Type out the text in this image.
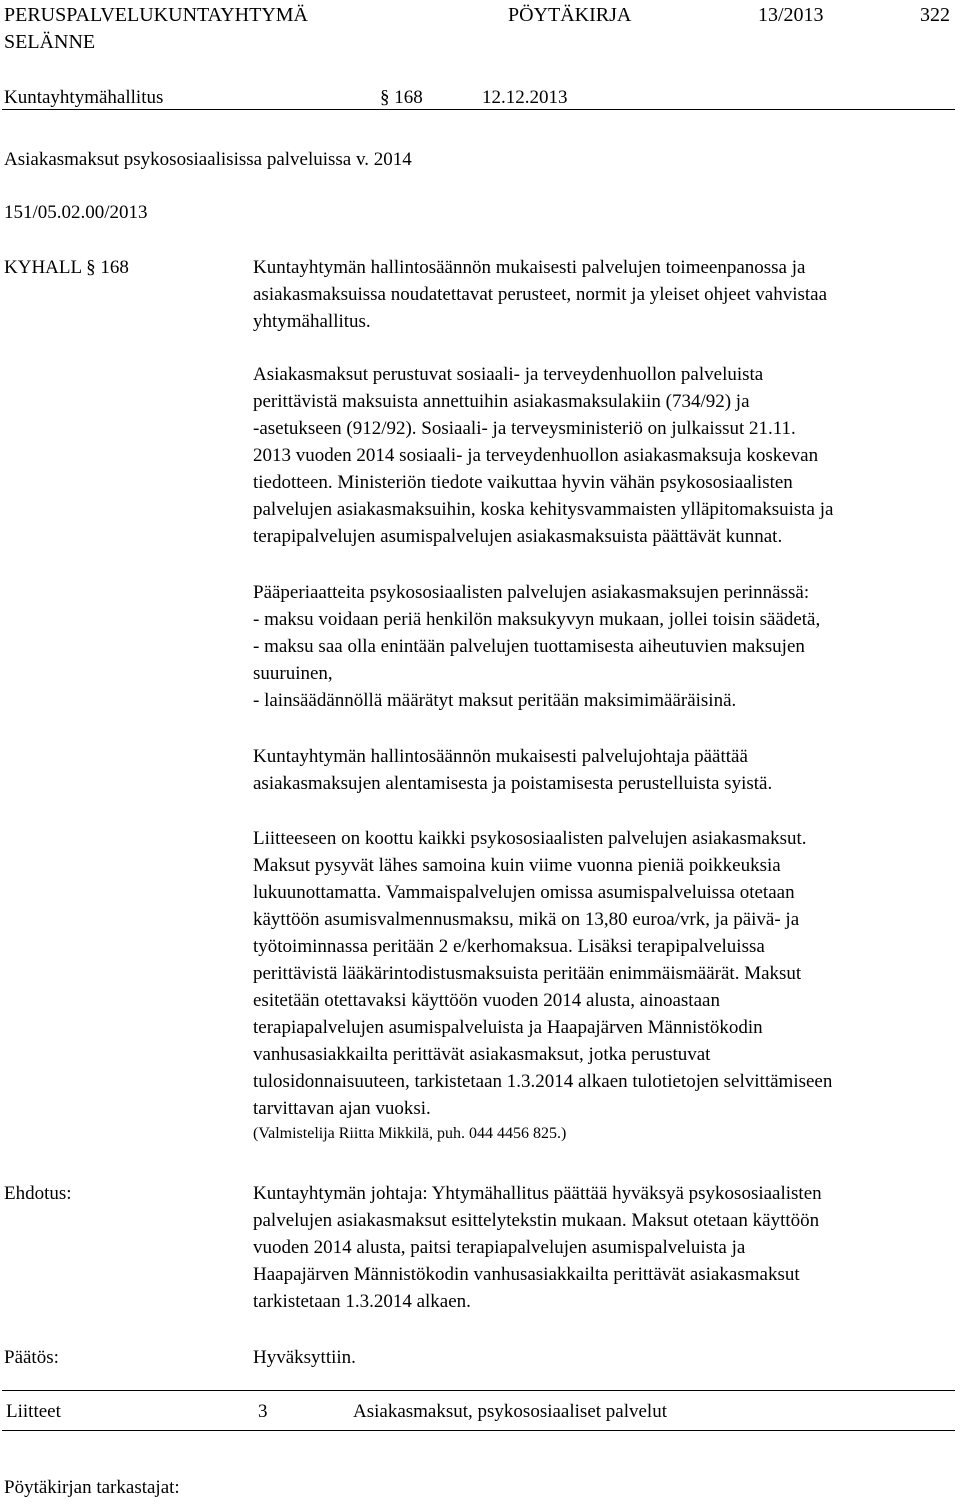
PERUSPALVELUKUNTAYHTYMÄ
SELÄNNE
PÖYTÄKIRJA	13/2013	322
Kuntayhtymähallitus	§ 168	12.12.2013
Asiakasmaksut psykososiaalisissa palveluissa v. 2014
151/05.02.00/2013
KYHALL § 168	Kuntayhtymän hallintosäännön mukaisesti palvelujen toimeenpanossa ja
asiakasmaksuissa noudatettavat perusteet, normit ja yleiset ohjeet vahvistaa
yhtymähallitus.
Asiakasmaksut perustuvat sosiaali- ja terveydenhuollon palveluista
perittävistä maksuista annettuihin asiakasmaksulakiin (734/92) ja
-asetukseen (912/92). Sosiaali- ja terveysministeriö on julkaissut 21.11.
2013 vuoden 2014 sosiaali- ja terveydenhuollon asiakasmaksuja koskevan
tiedotteen. Ministeriön tiedote vaikuttaa hyvin vähän psykososiaalisten
palvelujen asiakasmaksuihin, koska kehitysvammaisten ylläpitomaksuista ja
terapipalvelujen asumispalvelujen asiakasmaksuista päättävät kunnat.
Pääperiaatteita psykososiaalisten palvelujen asiakasmaksujen perinnässä:
- maksu voidaan periä henkilön maksukyvyn mukaan, jollei toisin säädetä,
- maksu saa olla enintään palvelujen tuottamisesta aiheutuvien maksujen
suuruinen,
- lainsäädännöllä määrätyt maksut peritään maksimimääräisinä.
Kuntayhtymän hallintosäännön mukaisesti palvelujohtaja päättää
asiakasmaksujen alentamisesta ja poistamisesta perustelluista syistä.
Liitteeseen on koottu kaikki psykososiaalisten palvelujen asiakasmaksut.
Maksut pysyvät lähes samoina kuin viime vuonna pieniä poikkeuksia
lukuunottamatta. Vammaispalvelujen omissa asumispalveluissa otetaan
käyttöön asumisvalmennusmaksu, mikä on 13,80 euroa/vrk, ja päivä- ja
työtoiminnassa peritään 2 e/kerhomaksua. Lisäksi terapipalveluissa
perittävistä lääkärintodistusmaksuista peritään enimmäismäärät. Maksut
esitetään otettavaksi käyttöön vuoden 2014 alusta, ainoastaan
terapiapalvelujen asumispalveluista ja Haapajärven Männistökodin
vanhusasiakkailta perittävät asiakasmaksut, jotka perustuvat
tulosidonnaisuuteen, tarkistetaan 1.3.2014 alkaen tulotietojen selvittämiseen
tarvittavan ajan vuoksi.
(Valmistelija Riitta Mikkilä, puh. 044 4456 825.)
Ehdotus:	Kuntayhtymän johtaja: Yhtymähallitus päättää hyväksyä psykososiaalisten
palvelujen asiakasmaksut esittelytekstin mukaan. Maksut otetaan käyttöön
vuoden 2014 alusta, paitsi terapiapalvelujen asumispalveluista ja
Haapajärven Männistökodin vanhusasiakkailta perittävät asiakasmaksut
tarkistetaan 1.3.2014 alkaen.
Päätös:	Hyväksyttiin.
Liitteet	3	Asiakasmaksut, psykososiaaliset palvelut
Pöytäkirjan tarkastajat:
